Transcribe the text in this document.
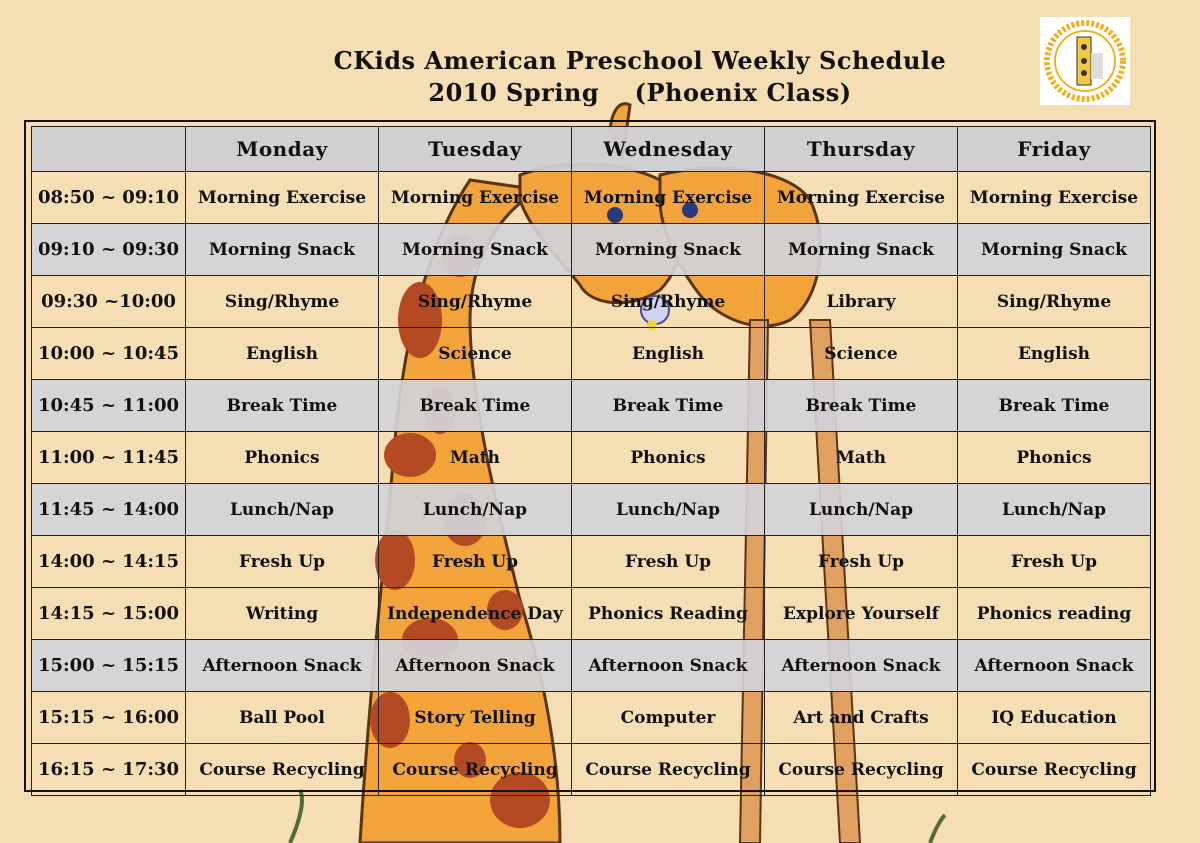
CKids American Preschool Weekly Schedule
2010 Spring    (Phoenix Class)
	Monday	Tuesday	Wednesday	Thursday	Friday
08:50 ~ 09:10	Morning Exercise	Morning Exercise	Morning Exercise	Morning Exercise	Morning Exercise
09:10 ~ 09:30	Morning Snack	Morning Snack	Morning Snack	Morning Snack	Morning Snack
09:30 ~10:00	Sing/Rhyme	Sing/Rhyme	Sing/Rhyme	Library	Sing/Rhyme
10:00 ~ 10:45	English	Science	English	Science	English
10:45 ~ 11:00	Break Time	Break Time	Break Time	Break Time	Break Time
11:00 ~ 11:45	Phonics	Math	Phonics	Math	Phonics
11:45 ~ 14:00	Lunch/Nap	Lunch/Nap	Lunch/Nap	Lunch/Nap	Lunch/Nap
14:00 ~ 14:15	Fresh Up	Fresh Up	Fresh Up	Fresh Up	Fresh Up
14:15 ~ 15:00	Writing	Independence Day	Phonics Reading	Explore Yourself	Phonics reading
15:00 ~ 15:15	Afternoon Snack	Afternoon Snack	Afternoon Snack	Afternoon Snack	Afternoon Snack
15:15 ~ 16:00	Ball Pool	Story Telling	Computer	Art and Crafts	IQ Education
16:15 ~ 17:30	Course Recycling	Course Recycling	Course Recycling	Course Recycling	Course Recycling
